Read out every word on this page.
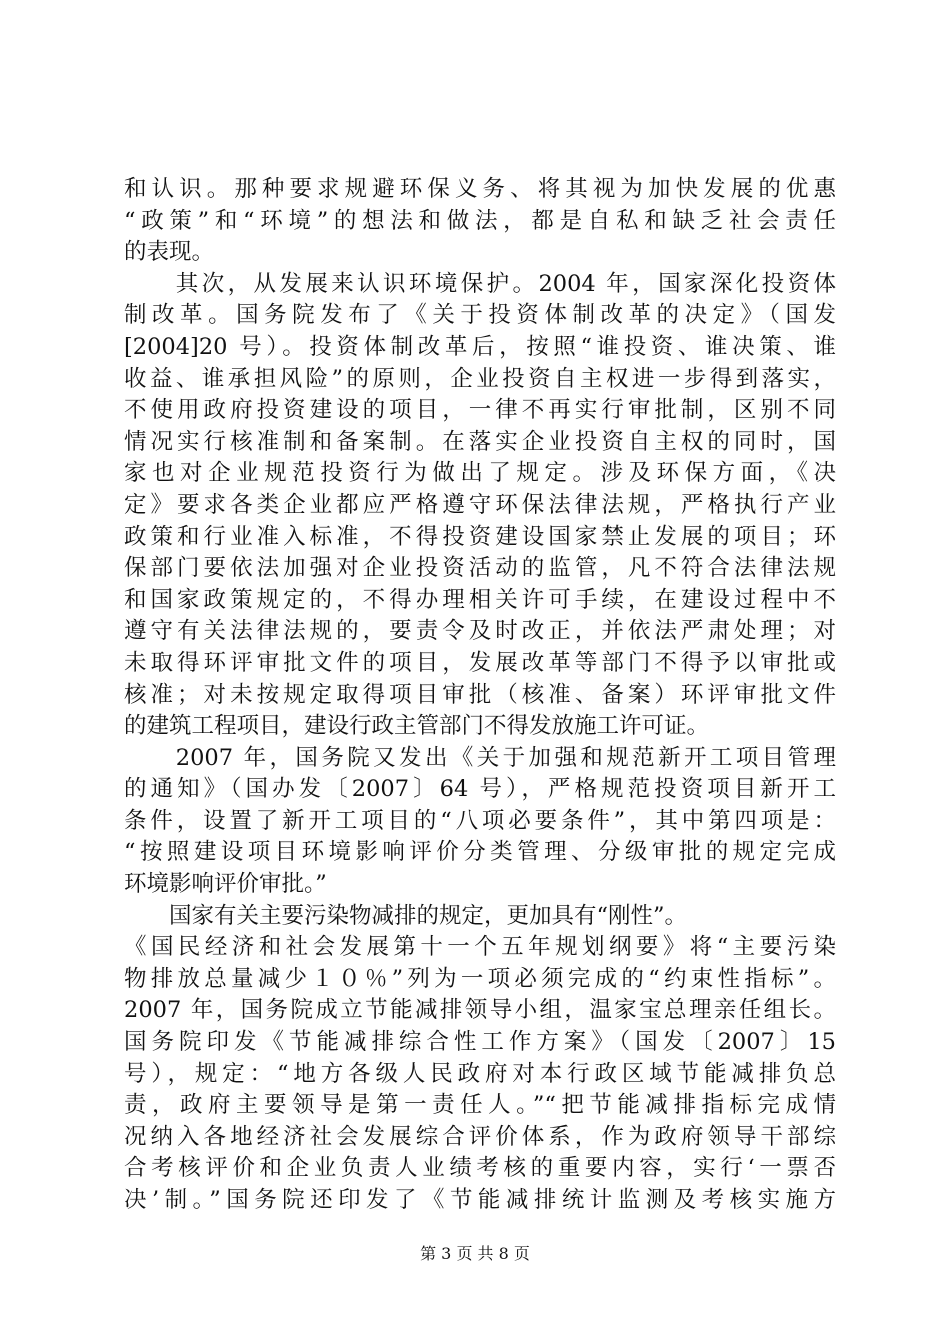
和认识。那种要求规避环保义务、将其视为加快发展的优惠
“政策”和“环境”的想法和做法，都是自私和缺乏社会责任
的表现。
　　其次，从发展来认识环境保护。2004 年，国家深化投资体
制改革。国务院发布了《关于投资体制改革的决定》（国发
[2004]20 号）。投资体制改革后，按照“谁投资、谁决策、谁
收益、谁承担风险”的原则，企业投资自主权进一步得到落实，
不使用政府投资建设的项目，一律不再实行审批制，区别不同
情况实行核准制和备案制。在落实企业投资自主权的同时，国
家也对企业规范投资行为做出了规定。涉及环保方面，《决
定》要求各类企业都应严格遵守环保法律法规，严格执行产业
政策和行业准入标准，不得投资建设国家禁止发展的项目；环
保部门要依法加强对企业投资活动的监管，凡不符合法律法规
和国家政策规定的，不得办理相关许可手续，在建设过程中不
遵守有关法律法规的，要责令及时改正，并依法严肃处理；对
未取得环评审批文件的项目，发展改革等部门不得予以审批或
核准；对未按规定取得项目审批（核准、备案）环评审批文件
的建筑工程项目，建设行政主管部门不得发放施工许可证。
　　2007 年，国务院又发出《关于加强和规范新开工项目管理
的通知》（国办发〔2007〕64 号），严格规范投资项目新开工
条件，设置了新开工项目的“八项必要条件”，其中第四项是：
“按照建设项目环境影响评价分类管理、分级审批的规定完成
环境影响评价审批。”
　　国家有关主要污染物减排的规定，更加具有“刚性”。
《国民经济和社会发展第十一个五年规划纲要》将“主要污染
物排放总量减少１０％”列为一项必须完成的“约束性指标”。
2007 年，国务院成立节能减排领导小组，温家宝总理亲任组长。
国务院印发《节能减排综合性工作方案》（国发〔2007〕15
号），规定：“地方各级人民政府对本行政区域节能减排负总
责，政府主要领导是第一责任人。”“把节能减排指标完成情
况纳入各地经济社会发展综合评价体系，作为政府领导干部综
合考核评价和企业负责人业绩考核的重要内容，实行‘一票否
决’制。”国务院还印发了《节能减排统计监测及考核实施方
第 3 页 共 8 页
